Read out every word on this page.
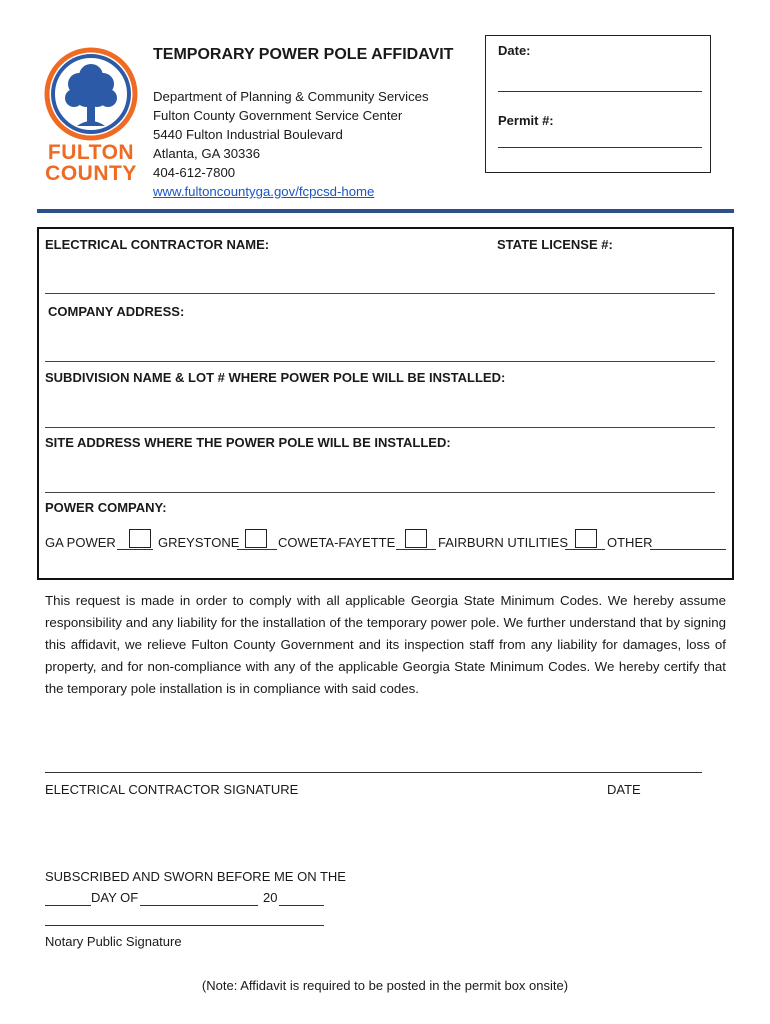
FULTON
COUNTY
TEMPORARY POWER POLE AFFIDAVIT
Department of Planning & Community Services
Fulton County Government Service Center
5440 Fulton Industrial Boulevard
Atlanta, GA 30336
404-612-7800
www.fultoncountyga.gov/fcpcsd-home
Date:
Permit #:
ELECTRICAL CONTRACTOR NAME:	STATE LICENSE #:
COMPANY ADDRESS:
SUBDIVISION NAME & LOT # WHERE POWER POLE WILL BE INSTALLED:
SITE ADDRESS WHERE THE POWER POLE WILL BE INSTALLED:
POWER COMPANY:
GA POWER	GREYSTONE	COWETA-FAYETTE	FAIRBURN UTILITIES	OTHER
This request is made in order to comply with all applicable Georgia State Minimum Codes. We hereby assume responsibility and any liability for the installation of the temporary power pole. We further understand that by signing this affidavit, we relieve Fulton County Government and its inspection staff from any liability for damages, loss of property, and for non-compliance with any of the applicable Georgia State Minimum Codes. We hereby certify that the temporary pole installation is in compliance with said codes.
ELECTRICAL CONTRACTOR SIGNATURE	DATE
SUBSCRIBED AND SWORN BEFORE ME ON THE
DAY OF	20
Notary Public Signature
(Note: Affidavit is required to be posted in the permit box onsite)
